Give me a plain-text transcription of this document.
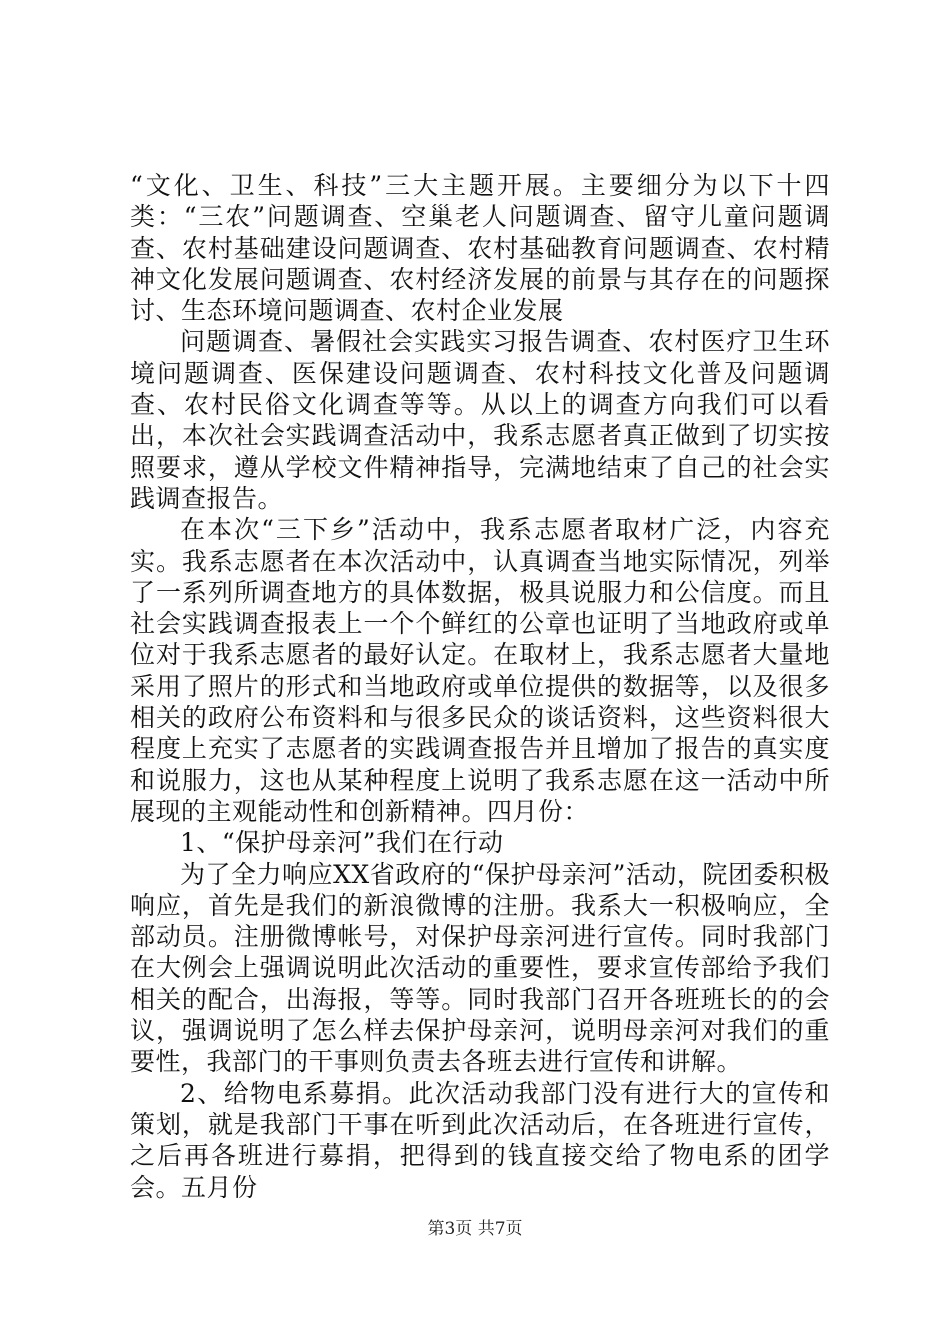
“文化、卫生、科技”三大主题开展。主要细分为以下十四类：“三农”问题调查、空巢老人问题调查、留守儿童问题调查、农村基础建设问题调查、农村基础教育问题调查、农村精神文化发展问题调查、农村经济发展的前景与其存在的问题探讨、生态环境问题调查、农村企业发展

问题调查、暑假社会实践实习报告调查、农村医疗卫生环境问题调查、医保建设问题调查、农村科技文化普及问题调查、农村民俗文化调查等等。从以上的调查方向我们可以看出，本次社会实践调查活动中，我系志愿者真正做到了切实按照要求，遵从学校文件精神指导，完满地结束了自己的社会实践调查报告。

在本次“三下乡”活动中，我系志愿者取材广泛，内容充实。我系志愿者在本次活动中，认真调查当地实际情况，列举了一系列所调查地方的具体数据，极具说服力和公信度。而且社会实践调查报表上一个个鲜红的公章也证明了当地政府或单位对于我系志愿者的最好认定。在取材上，我系志愿者大量地采用了照片的形式和当地政府或单位提供的数据等，以及很多相关的政府公布资料和与很多民众的谈话资料，这些资料很大程度上充实了志愿者的实践调查报告并且增加了报告的真实度和说服力，这也从某种程度上说明了我系志愿在这一活动中所展现的主观能动性和创新精神。四月份：

1、“保护母亲河”我们在行动

为了全力响应XX省政府的“保护母亲河”活动，院团委积极响应，首先是我们的新浪微博的注册。我系大一积极响应，全部动员。注册微博帐号，对保护母亲河进行宣传。同时我部门在大例会上强调说明此次活动的重要性，要求宣传部给予我们相关的配合，出海报，等等。同时我部门召开各班班长的的会议，强调说明了怎么样去保护母亲河，说明母亲河对我们的重要性，我部门的干事则负责去各班去进行宣传和讲解。

2、给物电系募捐。此次活动我部门没有进行大的宣传和策划，就是我部门干事在听到此次活动后，在各班进行宣传，之后再各班进行募捐，把得到的钱直接交给了物电系的团学会。五月份

第3页 共7页
